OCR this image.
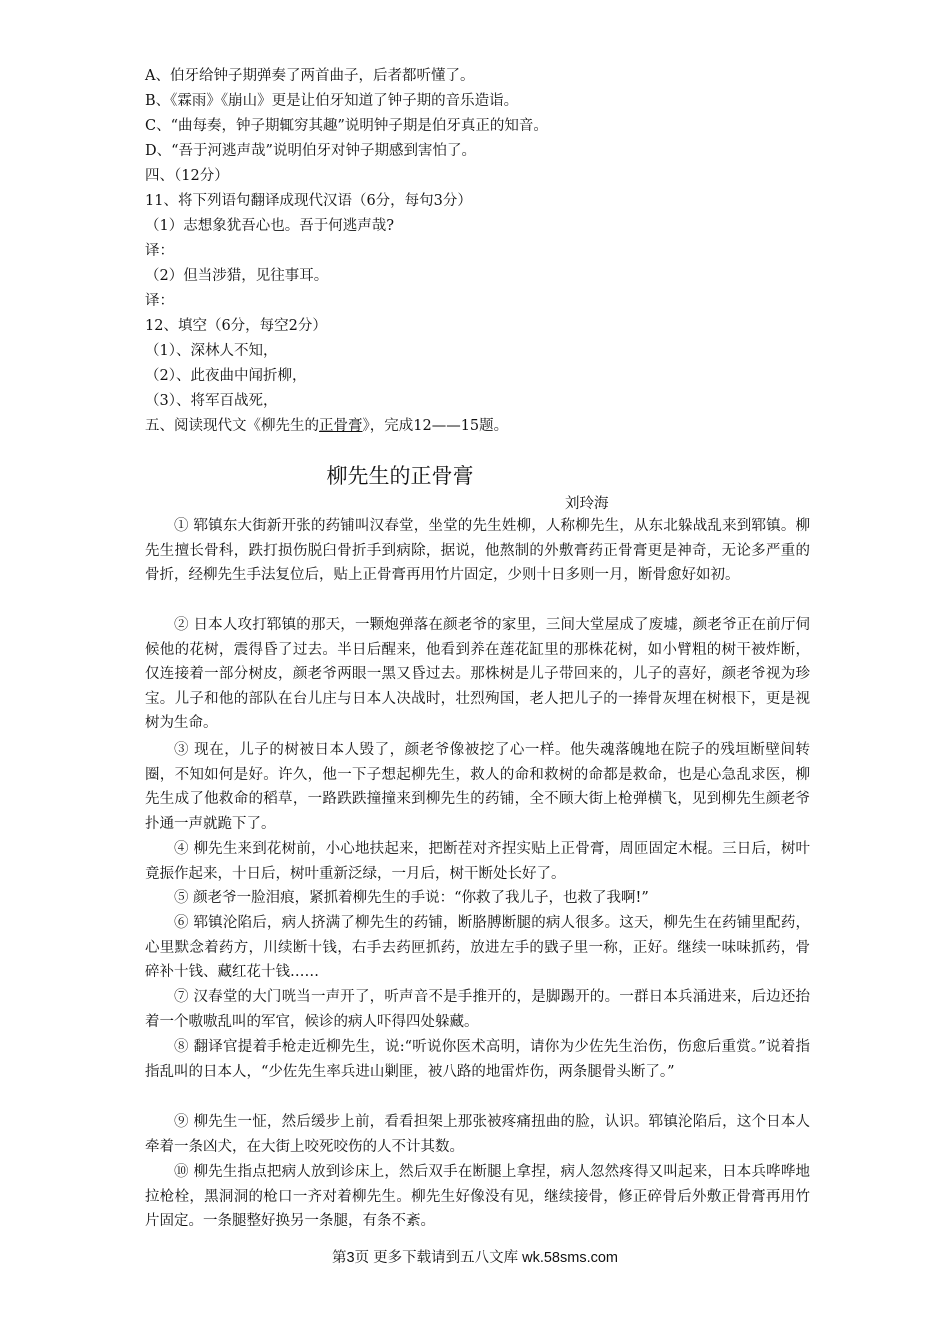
A、伯牙给钟子期弹奏了两首曲子，后者都听懂了。
B、《霖雨》《崩山》更是让伯牙知道了钟子期的音乐造诣。
C、“曲每奏，钟子期辄穷其趣”说明钟子期是伯牙真正的知音。
D、“吾于河逃声哉”说明伯牙对钟子期感到害怕了。
四、（12分）
11、将下列语句翻译成现代汉语（6分，每句3分）
（1）志想象犹吾心也。吾于何逃声哉?
译：
（2）但当涉猎，见往事耳。
译：
12、填空（6分，每空2分）
（1）、深林人不知，
（2）、此夜曲中闻折柳，
（3）、将军百战死，
五、阅读现代文《柳先生的正骨膏》，完成12——15题。
柳先生的正骨膏
刘玲海
① 郓镇东大街新开张的药铺叫汉春堂，坐堂的先生姓柳，人称柳先生，从东北躲战乱来到郓镇。柳先生擅长骨科，跌打损伤脱臼骨折手到病除，据说，他熬制的外敷膏药正骨膏更是神奇，无论多严重的骨折，经柳先生手法复位后，贴上正骨膏再用竹片固定，少则十日多则一月，断骨愈好如初。
② 日本人攻打郓镇的那天，一颗炮弹落在颜老爷的家里，三间大堂屋成了废墟，颜老爷正在前厅伺候他的花树，震得昏了过去。半日后醒来，他看到养在莲花缸里的那株花树，如小臂粗的树干被炸断，仅连接着一部分树皮，颜老爷两眼一黑又昏过去。那株树是儿子带回来的，儿子的喜好，颜老爷视为珍宝。儿子和他的部队在台儿庄与日本人决战时，壮烈殉国，老人把儿子的一捧骨灰埋在树根下，更是视树为生命。
③ 现在，儿子的树被日本人毁了，颜老爷像被挖了心一样。他失魂落魄地在院子的残垣断壁间转圈，不知如何是好。许久，他一下子想起柳先生，救人的命和救树的命都是救命，也是心急乱求医，柳先生成了他救命的稻草，一路跌跌撞撞来到柳先生的药铺，全不顾大街上枪弹横飞，见到柳先生颜老爷扑通一声就跪下了。
④ 柳先生来到花树前，小心地扶起来，把断茬对齐捏实贴上正骨膏，周匝固定木棍。三日后，树叶竟振作起来，十日后，树叶重新泛绿，一月后，树干断处长好了。
⑤ 颜老爷一脸泪痕，紧抓着柳先生的手说：“你救了我儿子，也救了我啊!”
⑥ 郓镇沦陷后，病人挤满了柳先生的药铺，断胳膊断腿的病人很多。这天，柳先生在药铺里配药，心里默念着药方，川续断十钱，右手去药匣抓药，放进左手的戥子里一称，正好。继续一味味抓药，骨碎补十钱、藏红花十钱……
⑦ 汉春堂的大门咣当一声开了，听声音不是手推开的，是脚踢开的。一群日本兵涌进来，后边还抬着一个嗷嗷乱叫的军官，候诊的病人吓得四处躲藏。
⑧ 翻译官提着手枪走近柳先生，说:“听说你医术高明，请你为少佐先生治伤，伤愈后重赏。”说着指指乱叫的日本人，“少佐先生率兵进山剿匪，被八路的地雷炸伤，两条腿骨头断了。”
⑨ 柳先生一怔，然后缓步上前，看看担架上那张被疼痛扭曲的脸，认识。郓镇沦陷后，这个日本人牵着一条凶犬，在大街上咬死咬伤的人不计其数。
⑩ 柳先生指点把病人放到诊床上，然后双手在断腿上拿捏，病人忽然疼得又叫起来，日本兵哗哗地拉枪栓，黑洞洞的枪口一齐对着柳先生。柳先生好像没有见，继续接骨，修正碎骨后外敷正骨膏再用竹片固定。一条腿整好换另一条腿，有条不紊。
第3页 更多下载请到五八文库 wk.58sms.com
